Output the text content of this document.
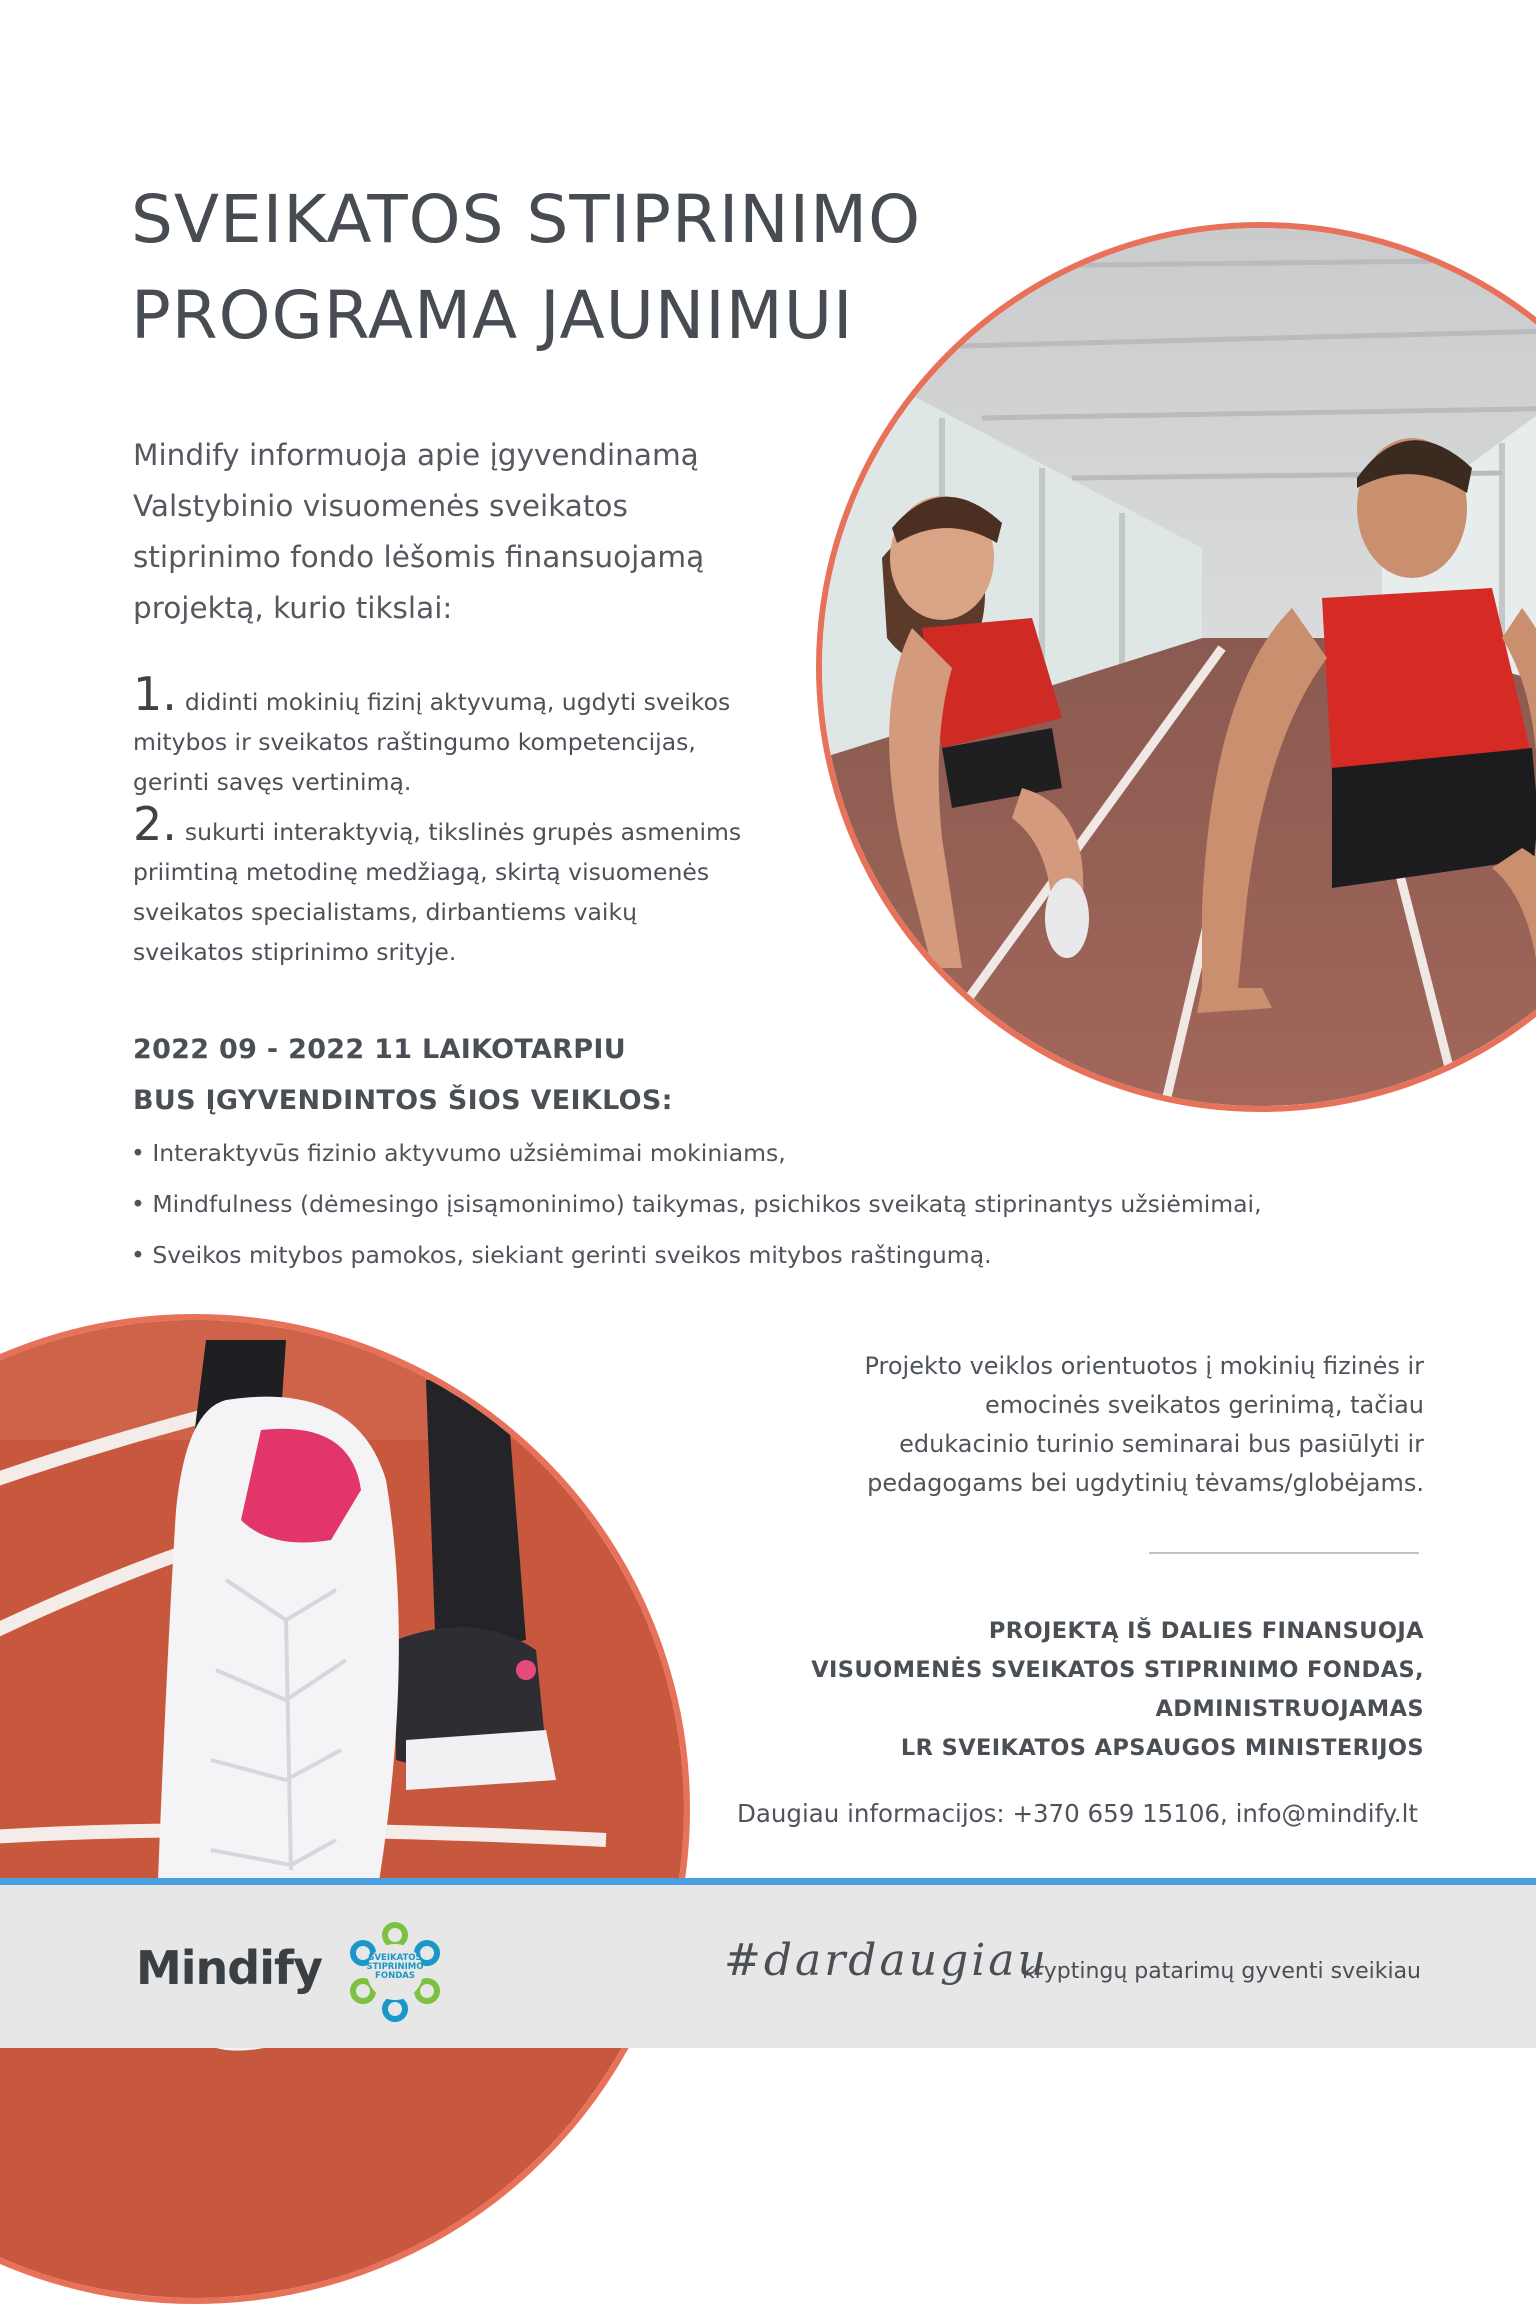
SVEIKATOS STIPRINIMO
PROGRAMA JAUNIMUI
Mindify informuoja apie įgyvendinamą
Valstybinio visuomenės sveikatos
stiprinimo fondo lėšomis finansuojamą
projektą, kurio tikslai:
1. didinti mokinių fizinį aktyvumą, ugdyti sveikos
mitybos ir sveikatos raštingumo kompetencijas,
gerinti savęs vertinimą.
2. sukurti interaktyvią, tikslinės grupės asmenims
priimtiną metodinę medžiagą, skirtą visuomenės
sveikatos specialistams, dirbantiems vaikų
sveikatos stiprinimo srityje.
2022 09 - 2022 11 LAIKOTARPIU
BUS ĮGYVENDINTOS ŠIOS VEIKLOS:
• Interaktyvūs fizinio aktyvumo užsiėmimai mokiniams,
• Mindfulness (dėmesingo įsisąmoninimo) taikymas, psichikos sveikatą stiprinantys užsiėmimai,
• Sveikos mitybos pamokos, siekiant gerinti sveikos mitybos raštingumą.
Projekto veiklos orientuotos į mokinių fizinės ir
emocinės sveikatos gerinimą, tačiau
edukacinio turinio seminarai bus pasiūlyti ir
pedagogams bei ugdytinių tėvams/globėjams.
PROJEKTĄ IŠ DALIES FINANSUOJA
VISUOMENĖS SVEIKATOS STIPRINIMO FONDAS,
ADMINISTRUOJAMAS
LR SVEIKATOS APSAUGOS MINISTERIJOS
Daugiau informacijos: +370 659 15106, info@mindify.lt
Mindify	SVEIKATOS
STIPRINIMO
FONDAS	#dardaugiau
kryptingų patarimų gyventi sveikiau
